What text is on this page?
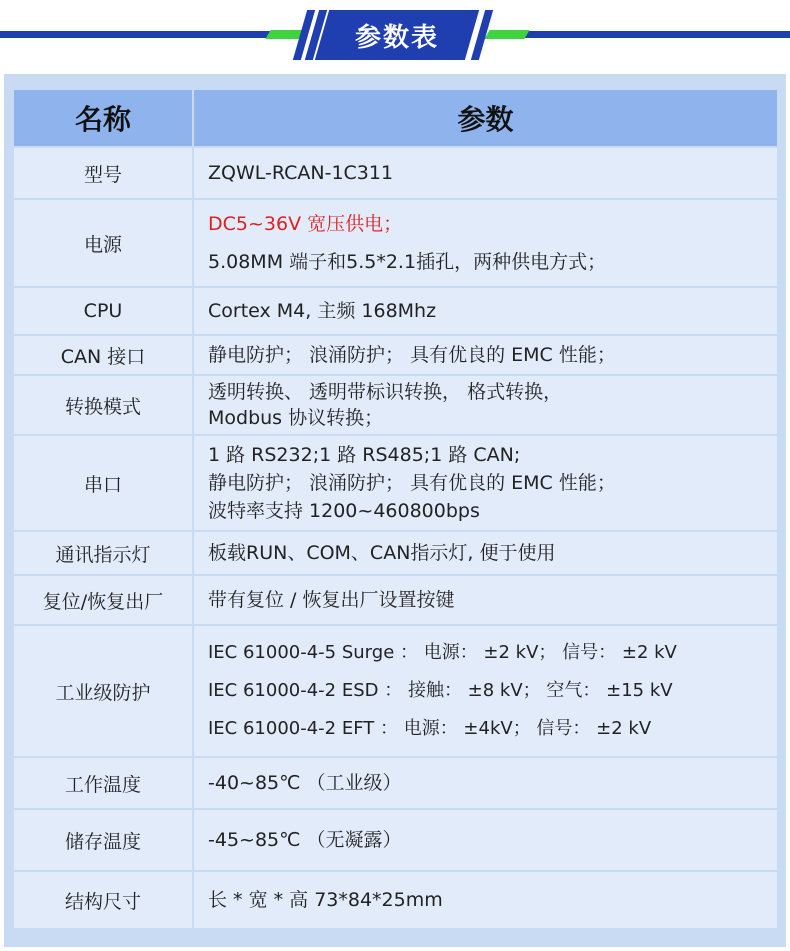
参数表
名称	参数
型号	ZQWL-RCAN-1C311

电源	DC5~36V 宽压供电；
5.08MM 端子和5.5*2.1插孔，两种供电方式；

CPU	Cortex M4, 主频 168Mhz

CAN 接口	静电防护； 浪涌防护； 具有优良的 EMC 性能；

转换模式	透明转换、 透明带标识转换， 格式转换，
Modbus 协议转换；

串口	1 路 RS232;1 路 RS485;1 路 CAN;
静电防护； 浪涌防护； 具有优良的 EMC 性能；
波特率支持 1200~460800bps

通讯指示灯	板载RUN、COM、CAN指示灯, 便于使用

复位/恢复出厂	带有复位 / 恢复出厂设置按键

工业级防护	IEC 61000-4-5 Surge ： 电源： ±2 kV； 信号： ±2 kV
IEC 61000-4-2 ESD ： 接触： ±8 kV； 空气： ±15 kV
IEC 61000-4-2 EFT ： 电源： ±4kV； 信号： ±2 kV

工作温度	-40~85℃ （工业级）

储存温度	-45~85℃ （无凝露）

结构尺寸	长 * 宽 * 高 73*84*25mm
